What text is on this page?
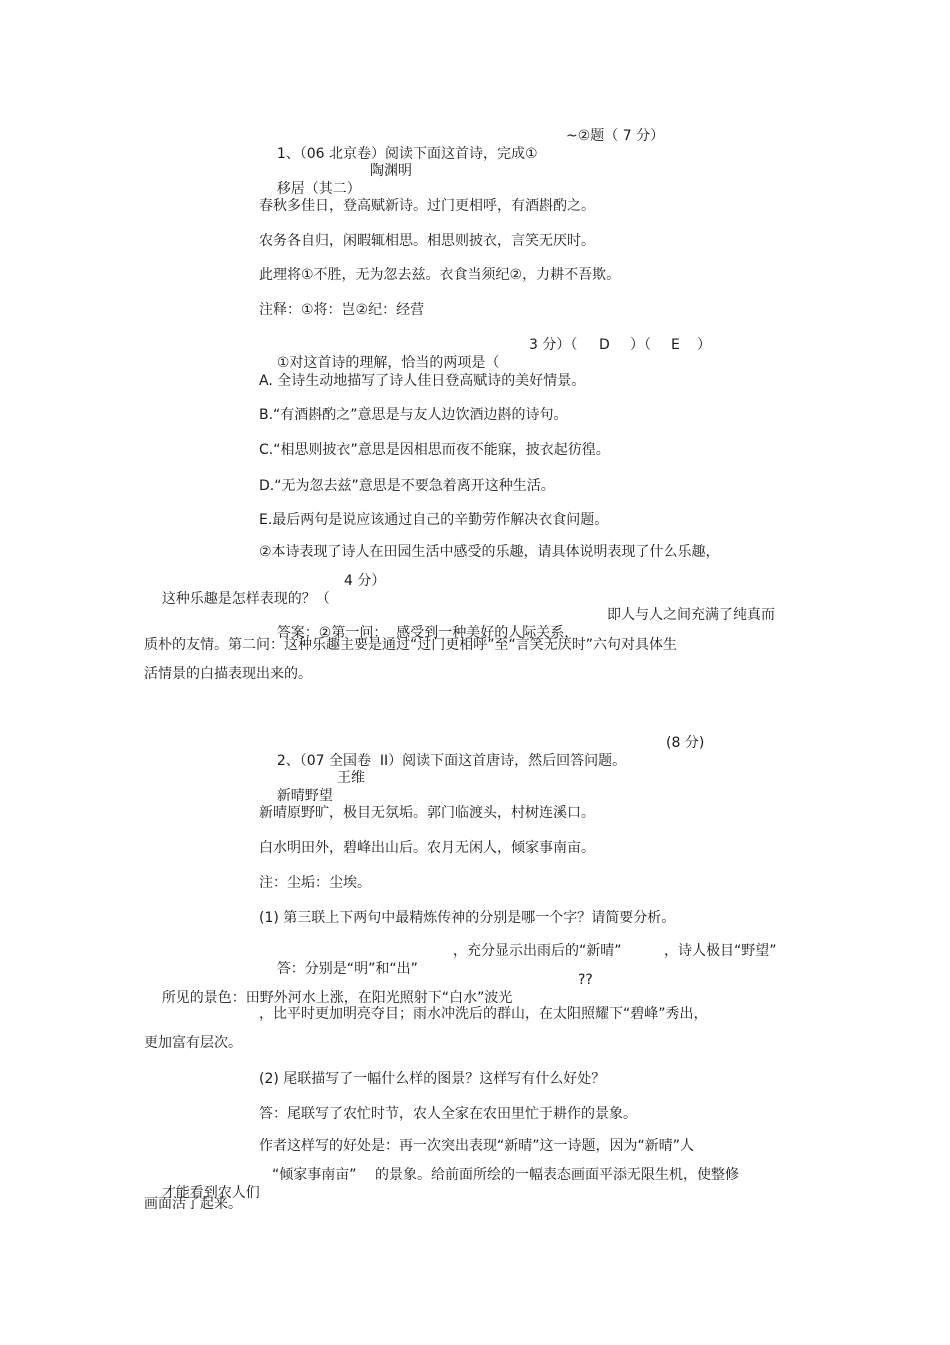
1、（06 北京卷）阅读下面这首诗，完成①

~②题（ 7 分）

移居（其二）

陶渊明

春秋多佳日，登高赋新诗。过门更相呼，有酒斟酌之。
农务各自归，闲暇辄相思。相思则披衣，言笑无厌时。
此理将①不胜，无为忽去兹。衣食当须纪②，力耕不吾欺。
注释：①将：岂②纪：经营

①对这首诗的理解，恰当的两项是（

3 分）（

D

）（

E

）

A. 全诗生动地描写了诗人佳日登高赋诗的美好情景。
B.“有酒斟酌之”意思是与友人边饮酒边斟的诗句。
C.“相思则披衣”意思是因相思而夜不能寐，披衣起彷徨。
D.“无为忽去兹”意思是不要急着离开这种生活。
E.最后两句是说应该通过自己的辛勤劳作解决衣食问题。
②本诗表现了诗人在田园生活中感受的乐趣，请具体说明表现了什么乐趣，

这种乐趣是怎样表现的？（

4 分）

答案：②第一问：  感受到一种美好的人际关系，

即人与人之间充满了纯真而

质朴的友情。第二问：这种乐趣主要是通过“过门更相呼”至“言笑无厌时”六句对具体生
活情景的白描表现出来的。

2、（07 全国卷  II）阅读下面这首唐诗，然后回答问题。

(8 分)

新晴野望

王维

新晴原野旷，极目无氛垢。郭门临渡头，村树连溪口。
白水明田外，碧峰出山后。农月无闲人，倾家事南亩。
注：尘垢：尘埃。
(1) 第三联上下两句中最精炼传神的分别是哪一个字？请简要分析。

答：分别是“明”和“出”

，充分显示出雨后的“新晴”

	，诗人极目“野望”

所见的景色：田野外河水上涨，在阳光照射下“白水”波光

??

，比平时更加明亮夺目；雨水冲洗后的群山，在太阳照耀下“碧峰”秀出，
更加富有层次。
(2) 尾联描写了一幅什么样的图景？这样写有什么好处？
答：尾联写了农忙时节，农人全家在农田里忙于耕作的景象。
作者这样写的好处是：再一次突出表现“新晴”这一诗题，因为“新晴”人

才能看到农人们

“倾家事南亩”

的景象。给前面所绘的一幅表态画面平添无限生机，使整修

画面活了起来。
